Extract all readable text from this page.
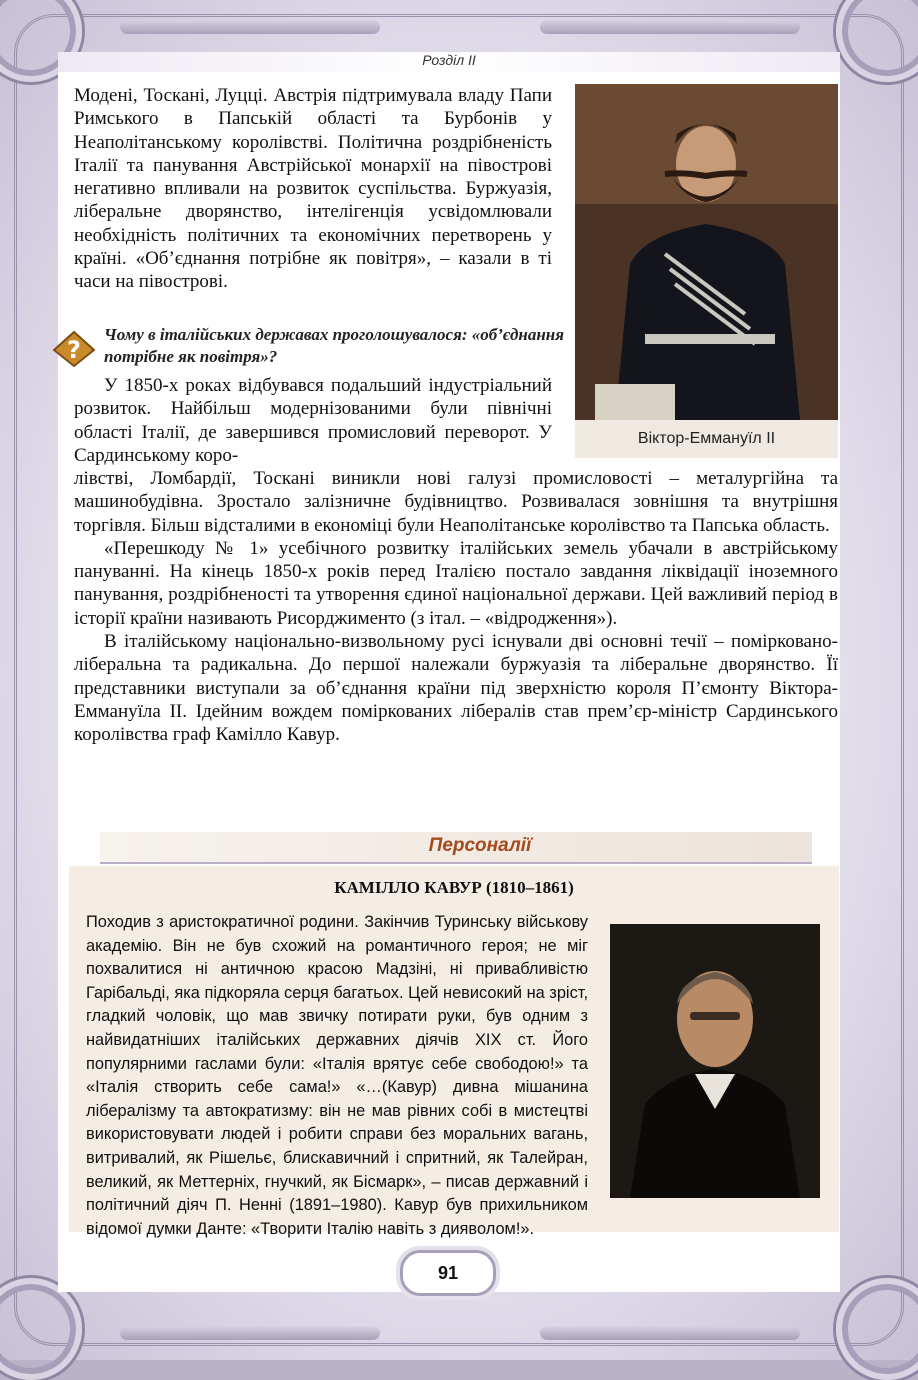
Розділ II

Модені, Тоскані, Луцці. Австрія підтримувала владу Папи Римського в Папській області та Бурбонів у Неаполітанському королівстві. Політична роздрібненість Італії та панування Австрійської монархії на півострові негативно впливали на розвиток суспільства. Буржуазія, ліберальне дворянство, інтелігенція усвідомлювали необхідність політичних та економічних перетворень у країні. «Об’єднання потрібне як повітря», – казали в ті часи на півострові.

Віктор-Еммануїл II
?
Чому в італійських державах проголошувалося: «об’єднання потрібне як повітря»?

У 1850-х роках відбувався подальший індустріальний розвиток. Найбільш модернізованими були північні області Італії, де завершився промисловий переворот. У Сардинському коро-

лівстві, Ломбардії, Тоскані виникли нові галузі промисловості – металургійна та машинобудівна. Зростало залізничне будівництво. Розвивалася зовнішня та внутрішня торгівля. Більш відсталими в економіці були Неаполітанське королівство та Папська область.

«Перешкоду № 1» усебічного розвитку італійських земель убачали в австрійському пануванні. На кінець 1850-х років перед Італією постало завдання ліквідації іноземного панування, роздрібненості та утворення єдиної національної держави. Цей важливий період в історії країни називають Рисорджименто (з італ. – «відродження»).

В італійському національно-визвольному русі існували дві основні течії – помірковано-ліберальна та радикальна. До першої належали буржуазія та ліберальне дворянство. Її представники виступали за об’єднання країни під зверхністю короля П’ємонту Віктора-Еммануїла II. Ідейним вождем поміркованих лібералів став прем’єр-міністр Сардинського королівства граф Камілло Кавур.

Персоналії
КАМІЛЛО КАВУР (1810–1861)

Походив з аристократичної родини. Закінчив Туринську військову академію. Він не був схожий на романтичного героя; не міг похвалитися ні античною красою Мадзіні, ні привабливістю Гарібальді, яка підкоряла серця багатьох. Цей невисокий на зріст, гладкий чоловік, що мав звичку потирати руки, був одним з найвидатніших італійських державних діячів XIX ст. Його популярними гаслами були: «Італія врятує себе свободою!» та «Італія створить себе сама!» «…(Кавур) дивна мішанина лібералізму та автократизму: він не мав рівних собі в мистецтві використовувати людей і робити справи без моральних вагань, витривалий, як Рішельє, блискавичний і спритний, як Талейран, великий, як Меттерніх, гнучкий, як Бісмарк», – писав державний і політичний діяч П. Ненні (1891–1980). Кавур був прихильником відомої думки Данте: «Творити Італію навіть з дияволом!».

91
